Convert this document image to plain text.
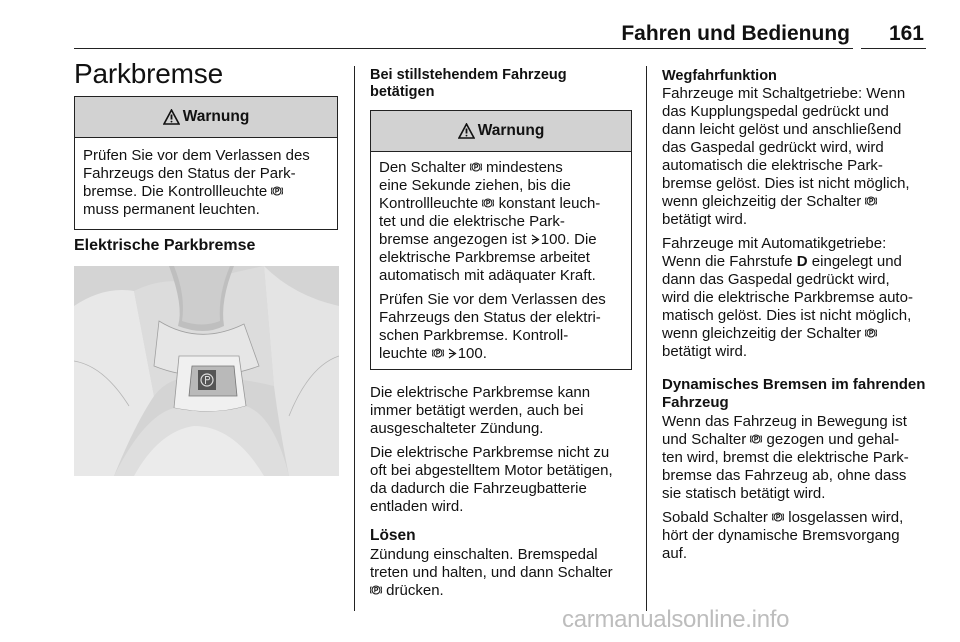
Fahren und Bedienung	161
Parkbremse
Warnung
Prüfen Sie vor dem Verlassen des
Fahrzeugs den Status der Park-
bremse. Die Kontrollleuchte
muss permanent leuchten.
Elektrische Parkbremse
Bei stillstehendem Fahrzeug
betätigen
Warnung

Den Schalter  mindestens
eine Sekunde ziehen, bis die
Kontrollleuchte  konstant leuch-
tet und die elektrische Park-
bremse angezogen ist 100. Die
elektrische Parkbremse arbeitet
automatisch mit adäquater Kraft.

Prüfen Sie vor dem Verlassen des
Fahrzeugs den Status der elektri-
schen Parkbremse. Kontroll-
leuchte  100.

Die elektrische Parkbremse kann
immer betätigt werden, auch bei
ausgeschalteter Zündung.

Die elektrische Parkbremse nicht zu
oft bei abgestelltem Motor betätigen,
da dadurch die Fahrzeugbatterie
entladen wird.

Lösen
Zündung einschalten. Bremspedal
treten und halten, und dann Schalter
drücken.
Wegfahrfunktion

Fahrzeuge mit Schaltgetriebe: Wenn
das Kupplungspedal gedrückt und
dann leicht gelöst und anschließend
das Gaspedal gedrückt wird, wird
automatisch die elektrische Park-
bremse gelöst. Dies ist nicht möglich,
wenn gleichzeitig der Schalter
betätigt wird.

Fahrzeuge mit Automatikgetriebe:
Wenn die Fahrstufe D eingelegt und
dann das Gaspedal gedrückt wird,
wird die elektrische Parkbremse auto-
matisch gelöst. Dies ist nicht möglich,
wenn gleichzeitig der Schalter
betätigt wird.

Dynamisches Bremsen im fahrenden
Fahrzeug

Wenn das Fahrzeug in Bewegung ist
und Schalter  gezogen und gehal-
ten wird, bremst die elektrische Park-
bremse das Fahrzeug ab, ohne dass
sie statisch betätigt wird.

Sobald Schalter  losgelassen wird,
hört der dynamische Bremsvorgang
auf.

carmanualsonline.info
